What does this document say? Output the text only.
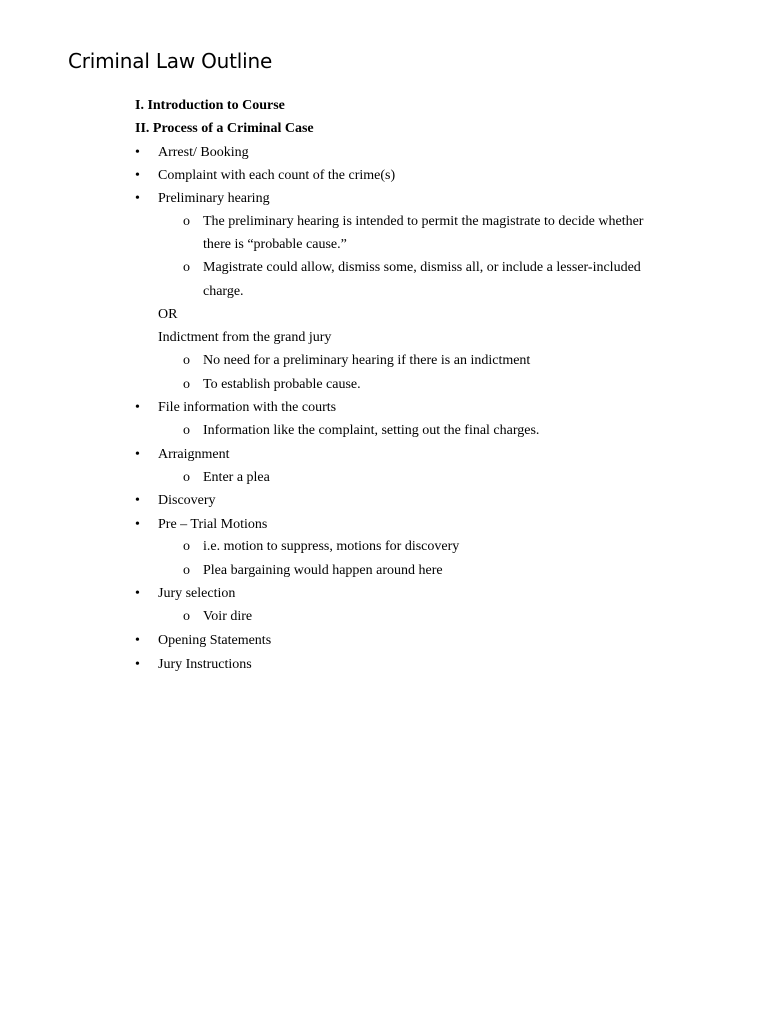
Criminal Law Outline
I. Introduction to Course
II. Process of a Criminal Case
• Arrest/ Booking
• Complaint with each count of the crime(s)
• Preliminary hearing
o The preliminary hearing is intended to permit the magistrate to decide whether
there is “probable cause.”
o Magistrate could allow, dismiss some, dismiss all, or include a lesser-included
charge.
OR
Indictment from the grand jury
o No need for a preliminary hearing if there is an indictment
o To establish probable cause.
• File information with the courts
o Information like the complaint, setting out the final charges.
• Arraignment
o Enter a plea
• Discovery
• Pre – Trial Motions
o i.e. motion to suppress, motions for discovery
o Plea bargaining would happen around here
• Jury selection
o Voir dire
• Opening Statements
• Jury Instructions
